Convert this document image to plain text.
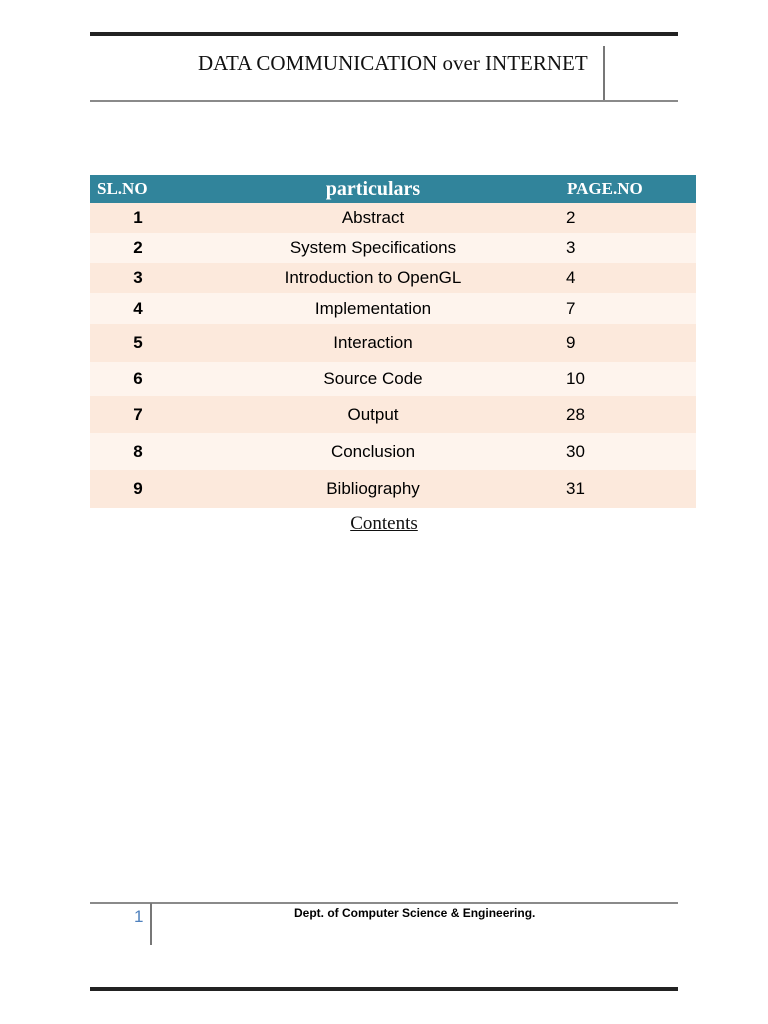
DATA COMMUNICATION over INTERNET
SL.NO	particulars	PAGE.NO
1	Abstract	2
2	System Specifications	3
3	Introduction to OpenGL	4
4	Implementation	7
5	Interaction	9
6	Source Code	10
7	Output	28
8	Conclusion	30
9	Bibliography	31
Contents
1	Dept. of Computer Science & Engineering.
